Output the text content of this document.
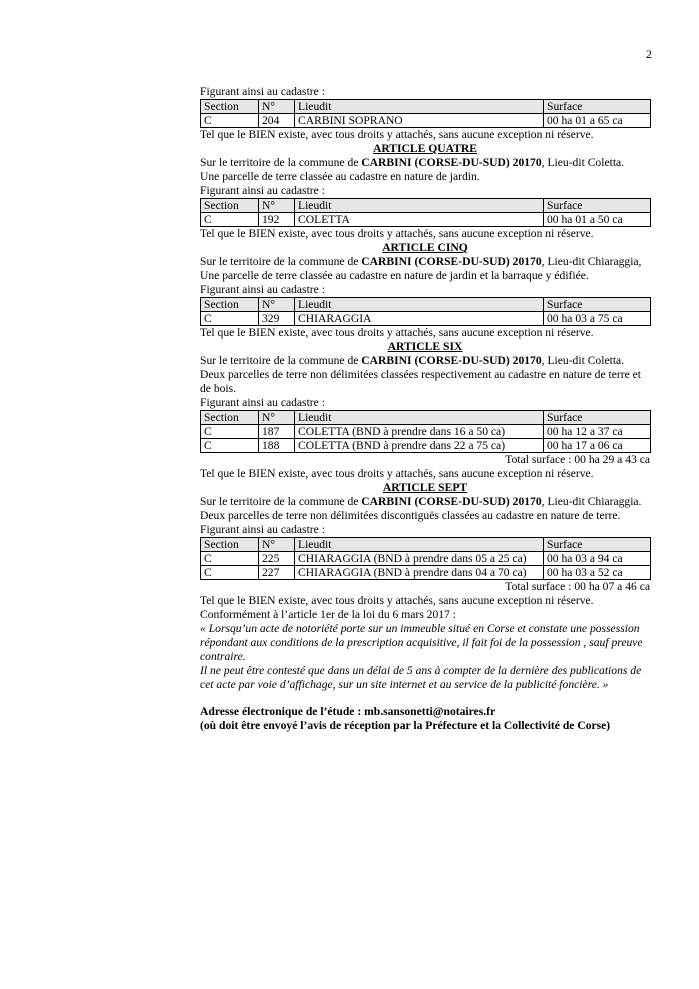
2

Figurant ainsi au cadastre :

Section	N°	Lieudit	Surface
C	204	CARBINI SOPRANO	00 ha 01 a 65 ca

Tel que le BIEN existe, avec tous droits y attachés, sans aucune exception ni réserve.

ARTICLE QUATRE

Sur le territoire de la commune de CARBINI (CORSE-DU-SUD) 20170, Lieu-dit Coletta.

Une parcelle de terre classée au cadastre en nature de jardin.

Figurant ainsi au cadastre :

Section	N°	Lieudit	Surface
C	192	COLETTA	00 ha 01 a 50 ca

Tel que le BIEN existe, avec tous droits y attachés, sans aucune exception ni réserve.

ARTICLE CINQ

Sur le territoire de la commune de CARBINI (CORSE-DU-SUD) 20170, Lieu-dit Chiaraggia,

Une parcelle de terre classée au cadastre en nature de jardin et la barraque y édifiée.

Figurant ainsi au cadastre :

Section	N°	Lieudit	Surface
C	329	CHIARAGGIA	00 ha 03 a 75 ca

Tel que le BIEN existe, avec tous droits y attachés, sans aucune exception ni réserve.

ARTICLE SIX

Sur le territoire de la commune de CARBINI (CORSE-DU-SUD) 20170, Lieu-dit Coletta.

Deux parcelles de terre non délimitées classées respectivement au cadastre en nature de terre et de bois.

Figurant ainsi au cadastre :

Section	N°	Lieudit	Surface
C	187	COLETTA (BND à prendre dans 16 a 50 ca)	00 ha 12 a 37 ca
C	188	COLETTA (BND à prendre dans 22 a 75 ca)	00 ha 17 a 06 ca

Total surface : 00 ha 29 a 43 ca

Tel que le BIEN existe, avec tous droits y attachés, sans aucune exception ni réserve.

ARTICLE SEPT

Sur le territoire de la commune de CARBINI (CORSE-DU-SUD) 20170, Lieu-dit Chiaraggia.

Deux parcelles de terre non délimitées discontiguës classées au cadastre en nature de terre.

Figurant ainsi au cadastre :

Section	N°	Lieudit	Surface
C	225	CHIARAGGIA (BND à prendre dans 05 a 25 ca)	00 ha 03 a 94 ca
C	227	CHIARAGGIA (BND à prendre dans 04 a 70 ca)	00 ha 03 a 52 ca

Total surface : 00 ha 07 a 46 ca

Tel que le BIEN existe, avec tous droits y attachés, sans aucune exception ni réserve.

Conformément à l’article 1er de la loi du 6 mars 2017 :

« Lorsqu’un acte de notoriété porte sur un immeuble situé en Corse et constate une possession répondant aux conditions de la prescription acquisitive, il fait foi de la possession , sauf preuve contraire.

Il ne peut être contesté que dans un délai de 5 ans à compter de la dernière des publications de cet acte par voie d’affichage, sur un site internet et au service de la publicité foncière. »

Adresse électronique de l’étude : mb.sansonetti@notaires.fr

(où doit être envoyé l’avis de réception par la Préfecture et la Collectivité de Corse)
